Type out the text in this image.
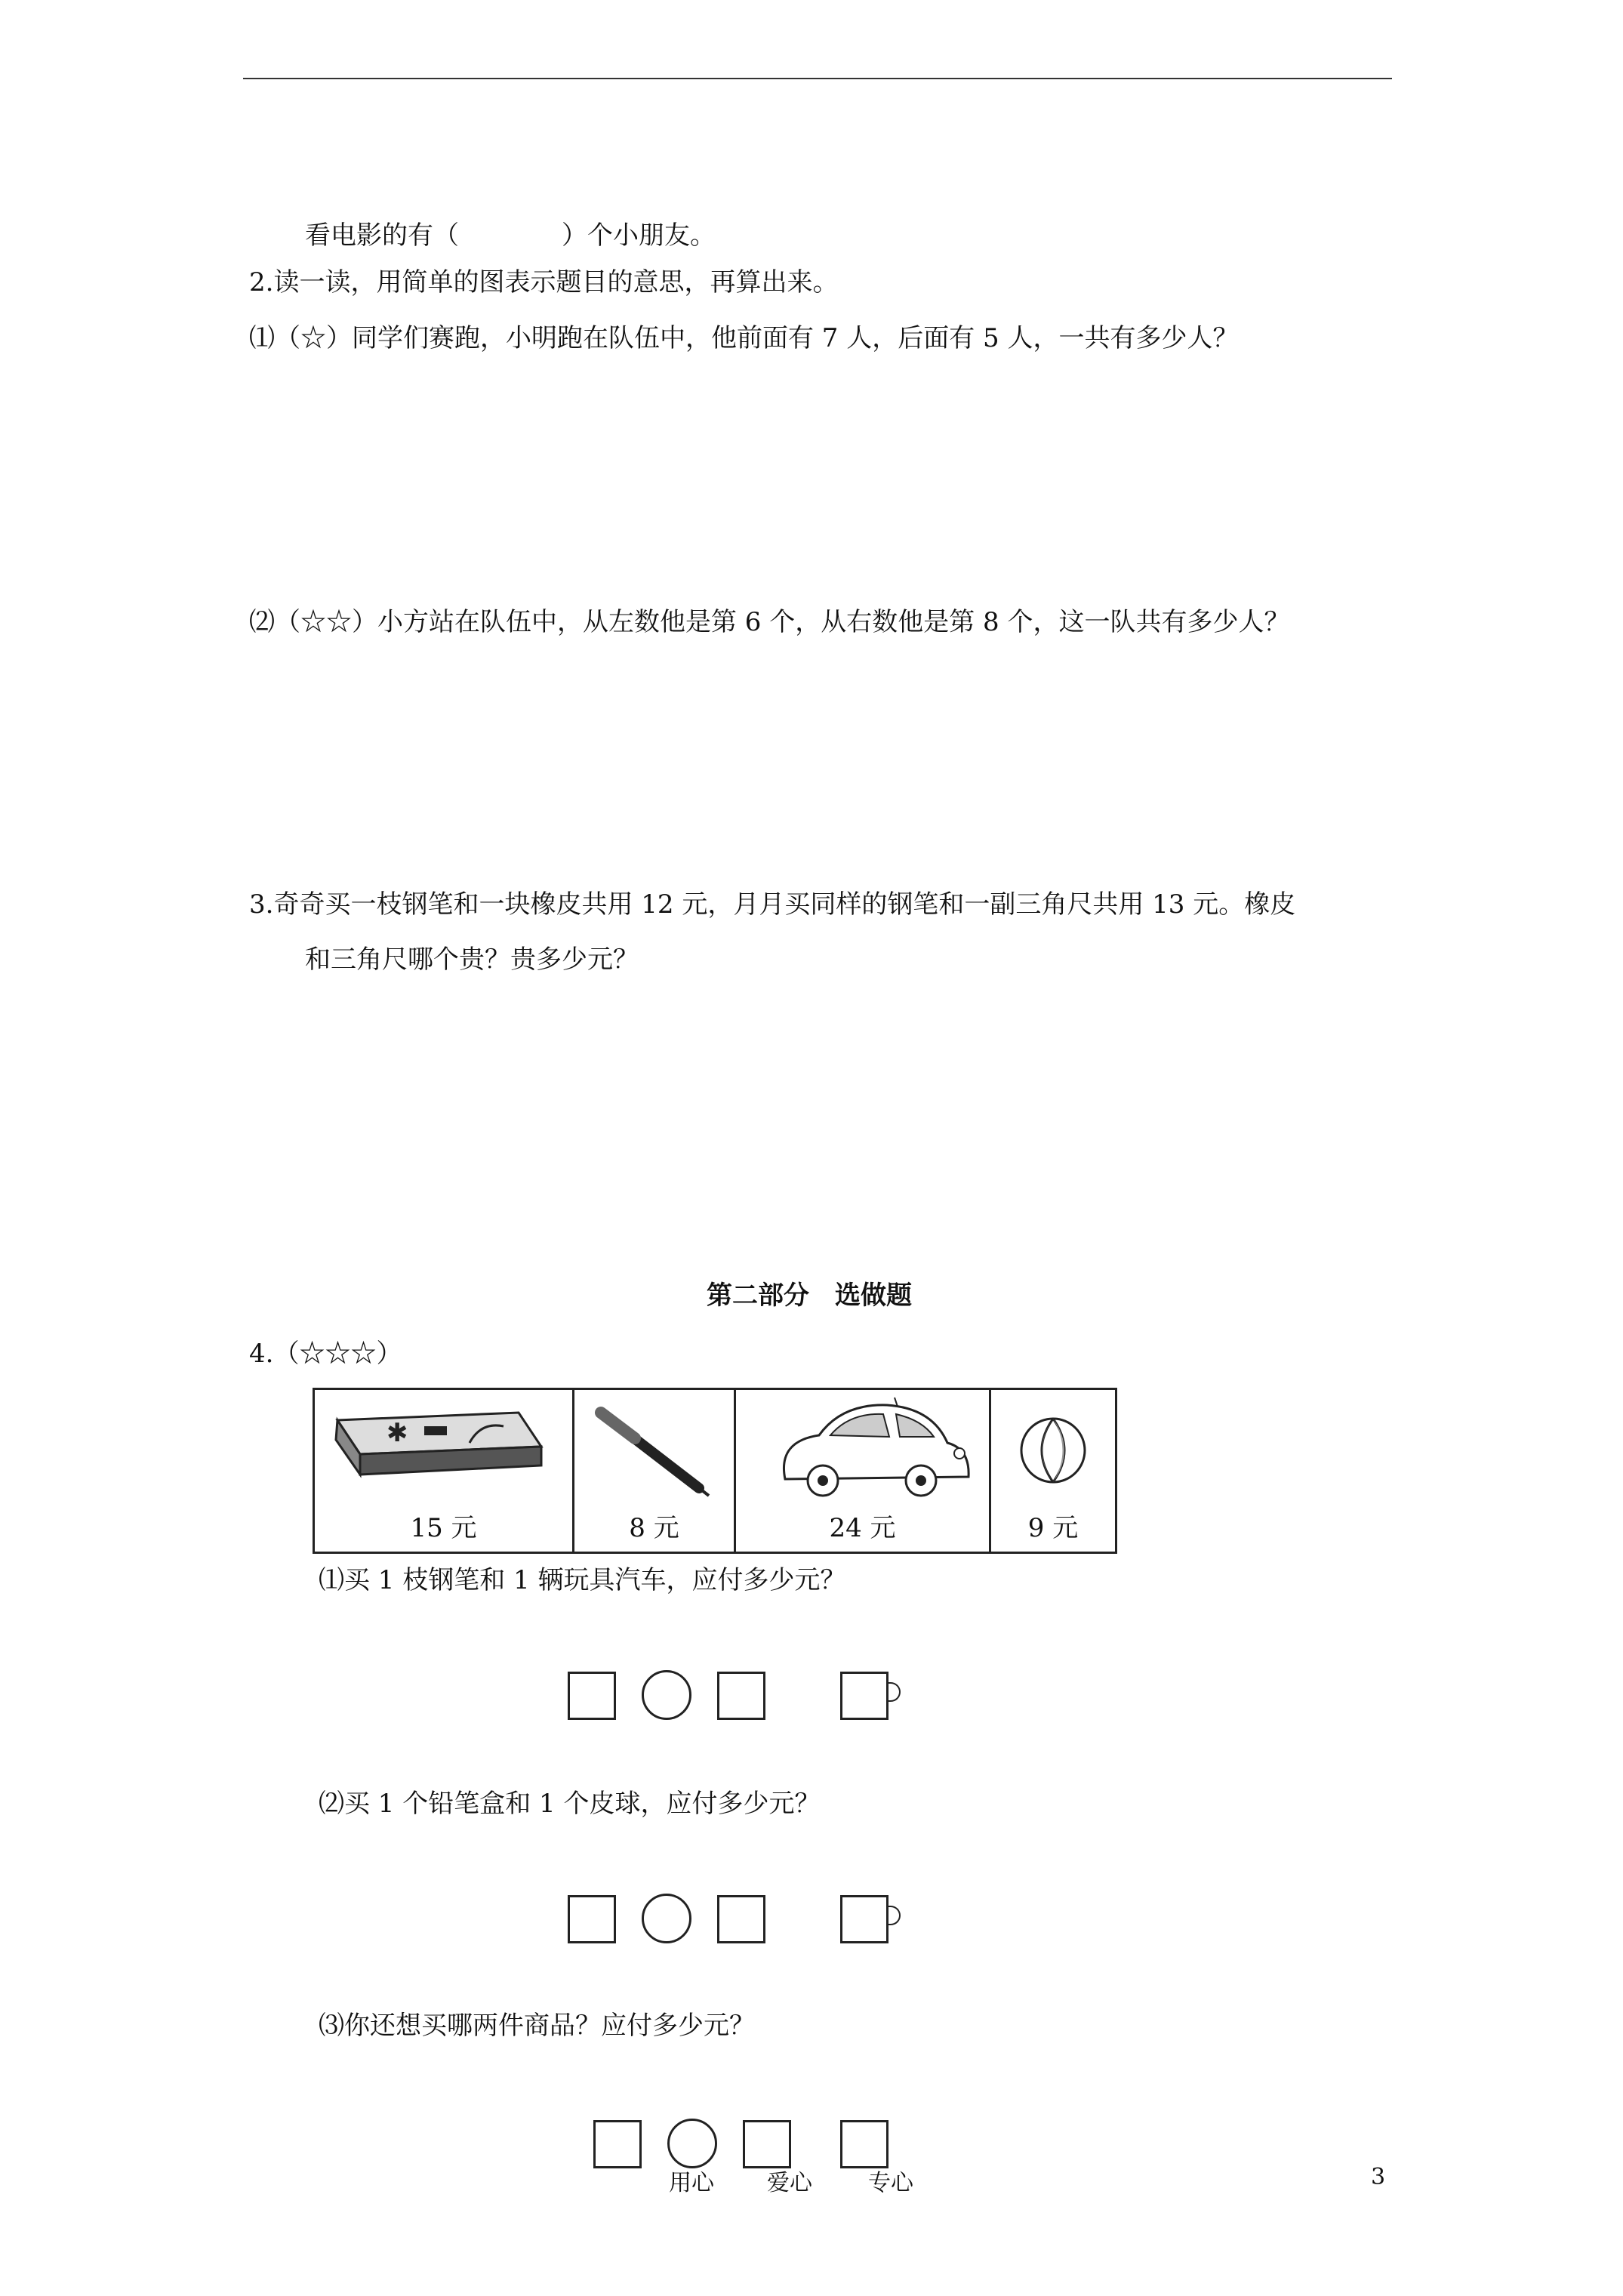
看电影的有（　　　　）个小朋友。
2.读一读，用简单的图表示题目的意思，再算出来。
⑴（☆）同学们赛跑，小明跑在队伍中，他前面有 7 人，后面有 5 人，一共有多少人？
⑵（☆☆）小方站在队伍中，从左数他是第 6 个，从右数他是第 8 个，这一队共有多少人？
3.奇奇买一枝钢笔和一块橡皮共用 12 元，月月买同样的钢笔和一副三角尺共用 13 元。橡皮
和三角尺哪个贵？贵多少元？
第二部分　选做题
4.（☆☆☆）
✱
15 元	8 元	24 元	9 元
⑴买 1 枝钢笔和 1 辆玩具汽车，应付多少元？
⑵买 1 个铅笔盒和 1 个皮球，应付多少元？
⑶你还想买哪两件商品？应付多少元？
用心 爱心 专心	3
